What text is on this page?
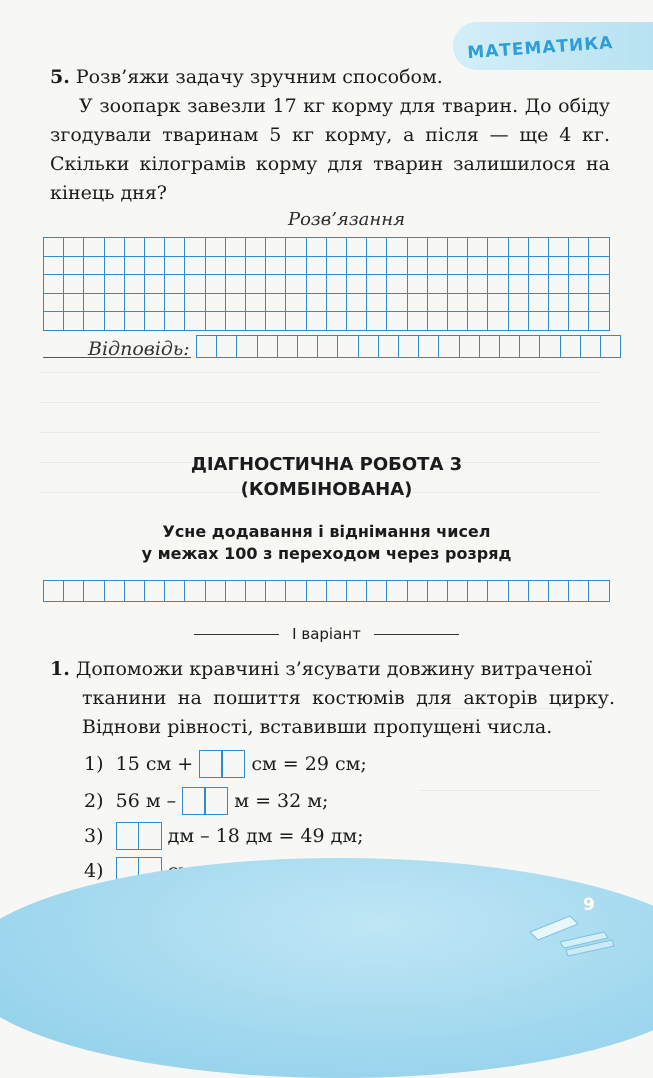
МАТЕМАТИКА

5. Розв’яжи задачу зручним способом.

У зоопарк завезли 17 кг корму для тварин. До обіду згодували тваринам 5 кг корму, а після — ще 4 кг. Скільки кілограмів корму для тварин залишилося на кінець дня?

Розв’язання
Відповідь:
ДІАГНОСТИЧНА РОБОТА 3
(КОМБІНОВАНА)
Усне додавання і віднімання чисел
у межах 100 з переходом через розряд
І варіант
1. Допоможи кравчині з’ясувати довжину витраченої
тканини на пошиття костюмів для акторів цирку. Віднови рівності, вставивши пропущені числа.
1) 15 см +	см = 29 см;
2) 56 м –	м = 32 м;
3)	дм – 18 дм = 49 дм;
4)
9
